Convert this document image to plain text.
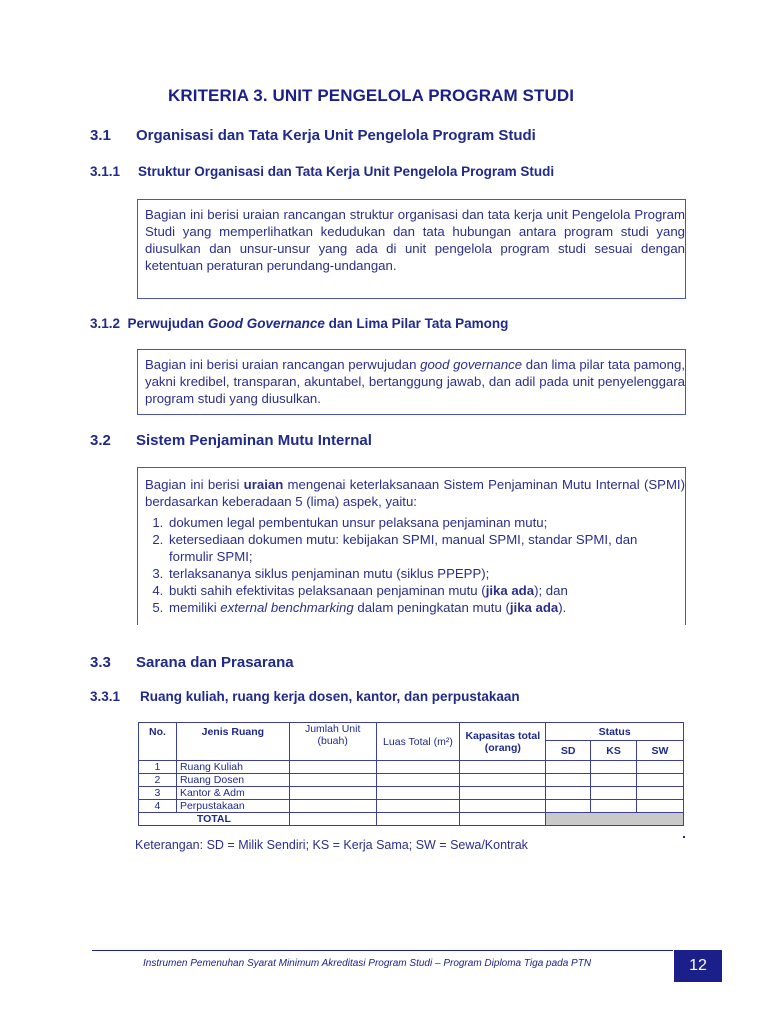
KRITERIA 3. UNIT PENGELOLA PROGRAM STUDI
3.1 Organisasi dan Tata Kerja Unit Pengelola Program Studi
3.1.1 Struktur Organisasi dan Tata Kerja Unit Pengelola Program Studi

Bagian ini berisi uraian rancangan struktur organisasi dan tata kerja unit Pengelola Program Studi yang memperlihatkan kedudukan dan tata hubungan antara program studi yang diusulkan dan unsur-unsur yang ada di unit pengelola program studi sesuai dengan ketentuan peraturan perundang-undangan.

3.1.2 Perwujudan Good Governance dan Lima Pilar Tata Pamong

Bagian ini berisi uraian rancangan perwujudan good governance dan lima pilar tata pamong, yakni kredibel, transparan, akuntabel, bertanggung jawab, dan adil pada unit penyelenggara program studi yang diusulkan.

3.2 Sistem Penjaminan Mutu Internal

Bagian ini berisi uraian mengenai keterlaksanaan Sistem Penjaminan Mutu Internal (SPMI) berdasarkan keberadaan 5 (lima) aspek, yaitu:

1. dokumen legal pembentukan unsur pelaksana penjaminan mutu;
2. ketersediaan dokumen mutu: kebijakan SPMI, manual SPMI, standar SPMI, dan formulir SPMI;
3. terlaksananya siklus penjaminan mutu (siklus PPEPP);
4. bukti sahih efektivitas pelaksanaan penjaminan mutu (jika ada); dan
5. memiliki external benchmarking dalam peningkatan mutu (jika ada).
3.3 Sarana dan Prasarana
3.3.1 Ruang kuliah, ruang kerja dosen, kantor, dan perpustakaan
No.	Jenis Ruang	Jumlah Unit (buah)	Luas Total (m²)	Kapasitas total (orang)	Status		
					SD	KS	SW
1	Ruang Kuliah						
2	Ruang Dosen						
3	Kantor & Adm						
4	Perpustakaan						
TOTAL							
Keterangan: SD = Milik Sendiri; KS = Kerja Sama; SW = Sewa/Kontrak
Instrumen Pemenuhan Syarat Minimum Akreditasi Program Studi – Program Diploma Tiga pada PTN	12
